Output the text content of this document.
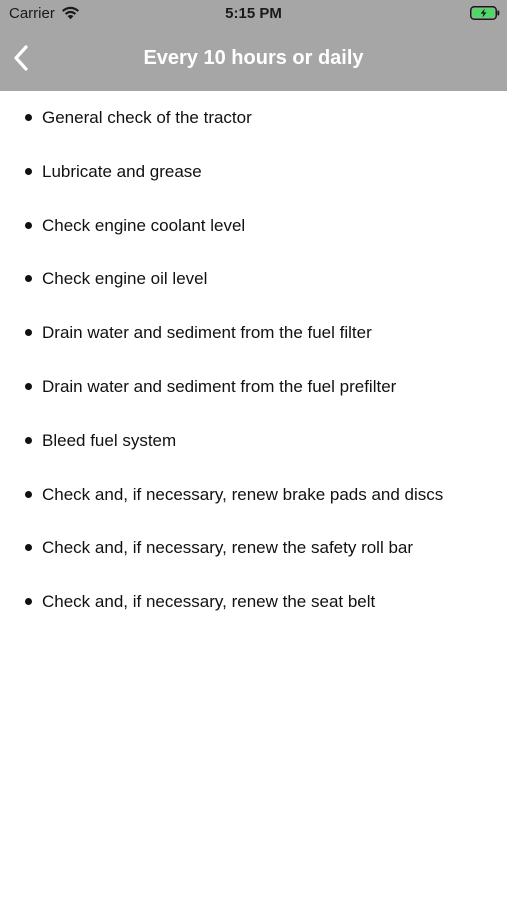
Carrier	5:15 PM
Every 10 hours or daily
General check of the tractor
Lubricate and grease
Check engine coolant level
Check engine oil level
Drain water and sediment from the fuel filter
Drain water and sediment from the fuel prefilter
Bleed fuel system
Check and, if necessary, renew brake pads and discs
Check and, if necessary, renew the safety roll bar
Check and, if necessary, renew the seat belt
